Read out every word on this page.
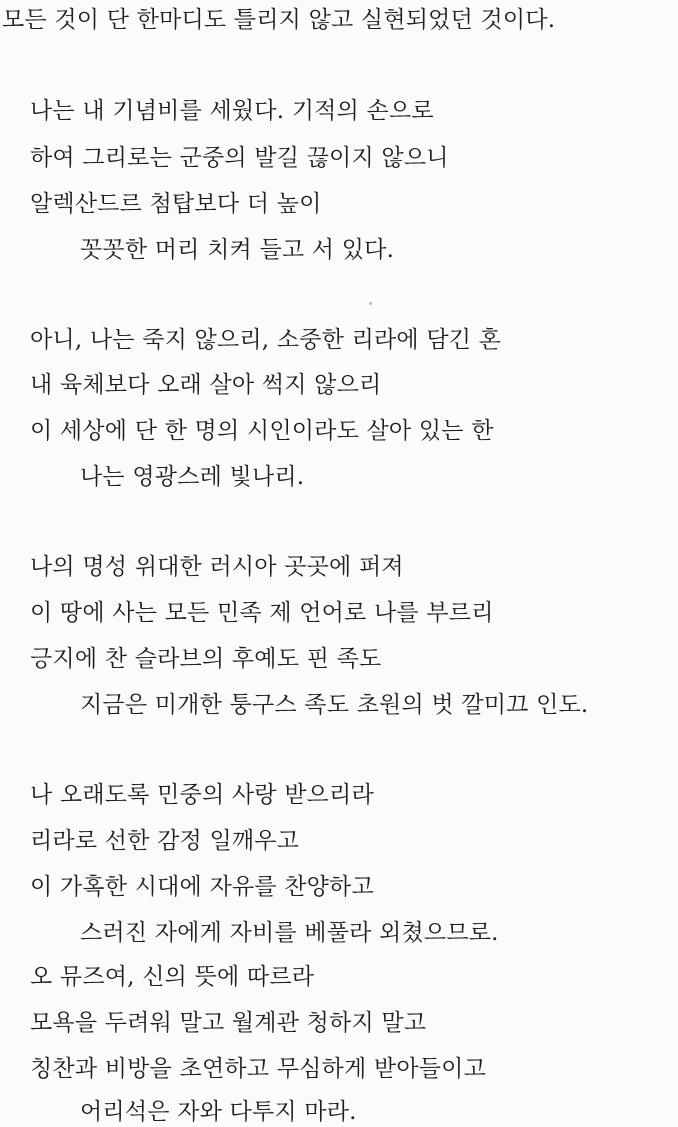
모든 것이 단 한마디도 틀리지 않고 실현되었던 것이다.

나는 내 기념비를 세웠다. 기적의 손으로

하여 그리로는 군중의 발길 끊이지 않으니

알렉산드르 첨탑보다 더 높이

꼿꼿한 머리 치켜 들고 서 있다.

아니, 나는 죽지 않으리, 소중한 리라에 담긴 혼

내 육체보다 오래 살아 썩지 않으리

이 세상에 단 한 명의 시인이라도 살아 있는 한

나는 영광스레 빛나리.

나의 명성 위대한 러시아 곳곳에 퍼져

이 땅에 사는 모든 민족 제 언어로 나를 부르리

긍지에 찬 슬라브의 후예도 핀 족도

지금은 미개한 퉁구스 족도 초원의 벗 깔미끄 인도.

나 오래도록 민중의 사랑 받으리라

리라로 선한 감정 일깨우고

이 가혹한 시대에 자유를 찬양하고

스러진 자에게 자비를 베풀라 외쳤으므로.

오 뮤즈여, 신의 뜻에 따르라

모욕을 두려워 말고 월계관 청하지 말고

칭찬과 비방을 초연하고 무심하게 받아들이고

어리석은 자와 다투지 마라.
